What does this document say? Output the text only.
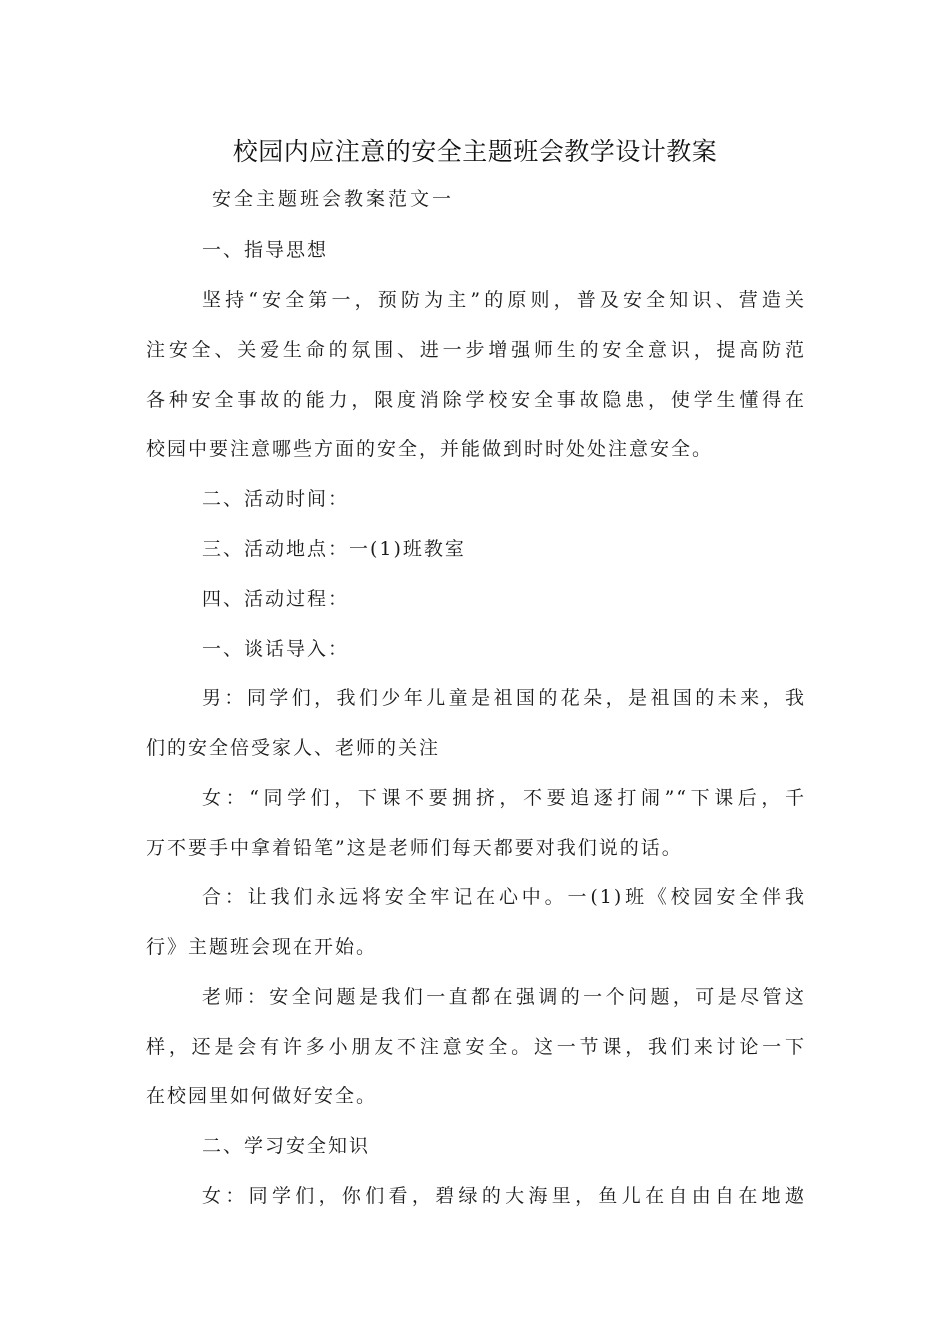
校园内应注意的安全主题班会教学设计教案
安全主题班会教案范文一
一、指导思想
坚持“安全第一，预防为主”的原则，普及安全知识、营造关
注安全、关爱生命的氛围、进一步增强师生的安全意识，提高防范
各种安全事故的能力，限度消除学校安全事故隐患，使学生懂得在
校园中要注意哪些方面的安全，并能做到时时处处注意安全。
二、活动时间：
三、活动地点：一(1)班教室
四、活动过程：
一、谈话导入：
男：同学们，我们少年儿童是祖国的花朵，是祖国的未来，我
们的安全倍受家人、老师的关注
女：“同学们，下课不要拥挤，不要追逐打闹”“下课后，千
万不要手中拿着铅笔”这是老师们每天都要对我们说的话。
合：让我们永远将安全牢记在心中。一(1)班《校园安全伴我
行》主题班会现在开始。
老师：安全问题是我们一直都在强调的一个问题，可是尽管这
样，还是会有许多小朋友不注意安全。这一节课，我们来讨论一下
在校园里如何做好安全。
二、学习安全知识
女：同学们，你们看，碧绿的大海里，鱼儿在自由自在地遨
